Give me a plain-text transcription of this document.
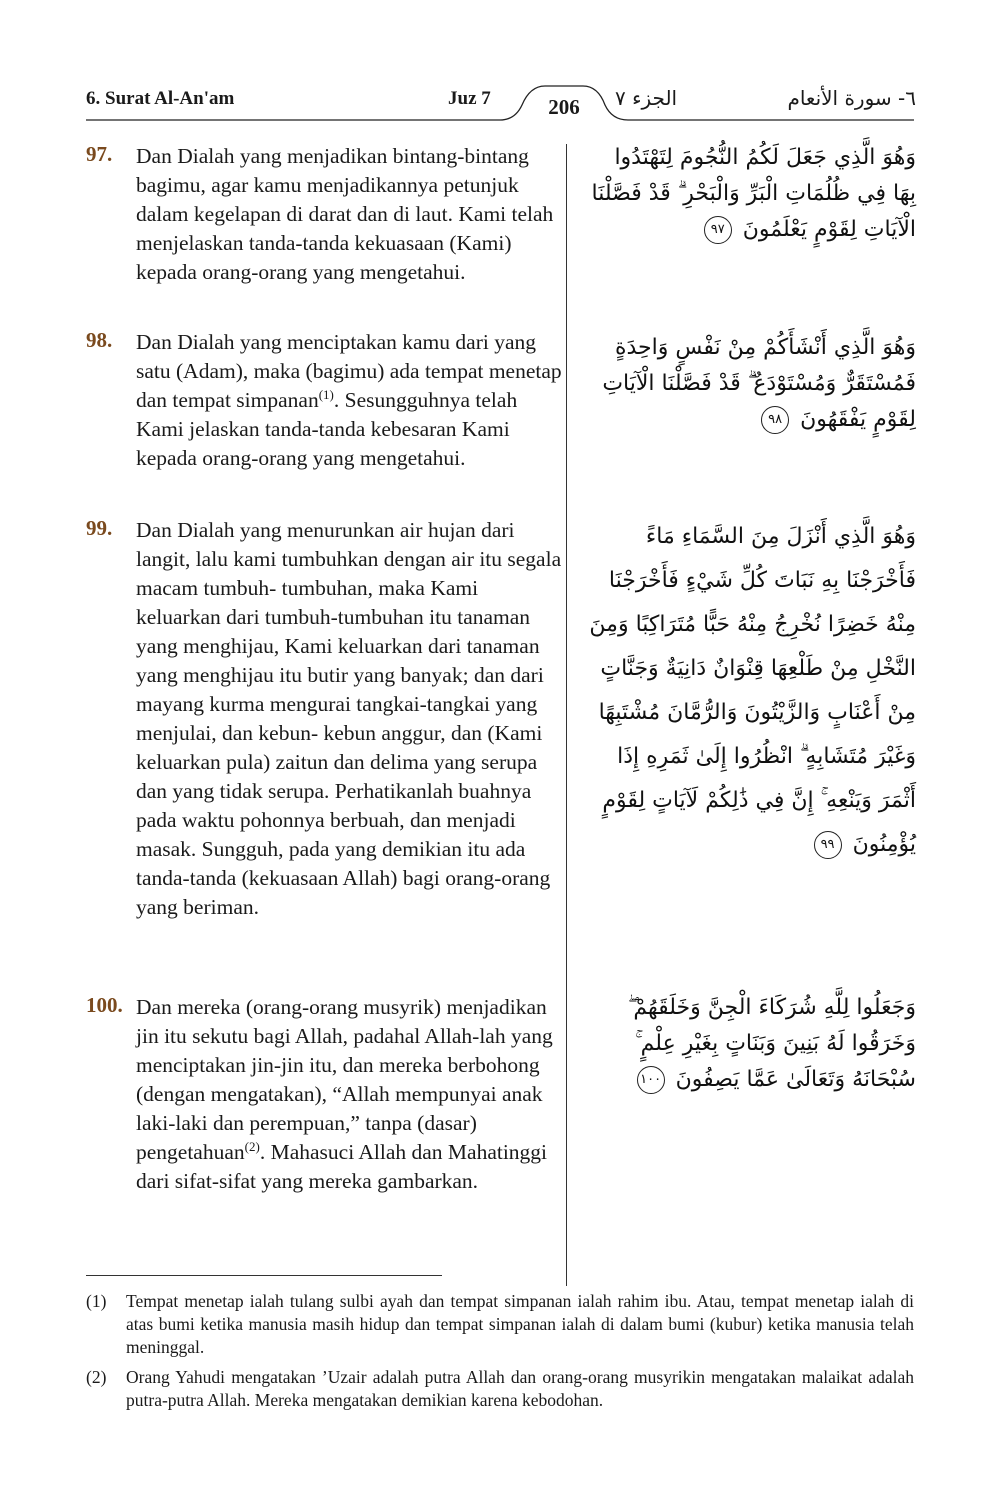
6. Surat Al-An'am	Juz 7	206 الجزء ٧	٦- سورة الأنعام
97. Dan Dialah yang menjadikan bintang-bintang bagimu, agar kamu menjadikannya petunjuk dalam kegelapan di darat dan di laut. Kami telah menjelaskan tanda-tanda kekuasaan (Kami) kepada orang-orang yang mengetahui.
وَهُوَ الَّذِي جَعَلَ لَكُمُ النُّجُومَ لِتَهْتَدُوا بِهَا فِي ظُلُمَاتِ الْبَرِّ وَالْبَحْرِ ۗ قَدْ فَصَّلْنَا الْآيَاتِ لِقَوْمٍ يَعْلَمُونَ ٩٧
98. Dan Dialah yang menciptakan kamu dari yang satu (Adam), maka (bagimu) ada tempat menetap dan tempat simpanan$^{(1)}$. Sesungguhnya telah Kami jelaskan tanda-tanda kebesaran Kami kepada orang-orang yang mengetahui.
وَهُوَ الَّذِي أَنْشَأَكُمْ مِنْ نَفْسٍ وَاحِدَةٍ فَمُسْتَقَرٌّ وَمُسْتَوْدَعٌ ۗ قَدْ فَصَّلْنَا الْآيَاتِ لِقَوْمٍ يَفْقَهُونَ ٩٨
99. Dan Dialah yang menurunkan air hujan dari langit, lalu kami tumbuhkan dengan air itu segala macam tumbuh- tumbuhan, maka Kami keluarkan dari tumbuh-tumbuhan itu tanaman yang menghijau, Kami keluarkan dari tanaman yang menghijau itu butir yang banyak; dan dari mayang kurma mengurai tangkai-tangkai yang menjulai, dan kebun- kebun anggur, dan (Kami keluarkan pula) zaitun dan delima yang serupa dan yang tidak serupa. Perhatikanlah buahnya pada waktu pohonnya berbuah, dan menjadi masak. Sungguh, pada yang demikian itu ada tanda-tanda (kekuasaan Allah) bagi orang-orang yang beriman.
وَهُوَ الَّذِي أَنْزَلَ مِنَ السَّمَاءِ مَاءً فَأَخْرَجْنَا بِهِ نَبَاتَ كُلِّ شَيْءٍ فَأَخْرَجْنَا مِنْهُ خَضِرًا نُخْرِجُ مِنْهُ حَبًّا مُتَرَاكِبًا وَمِنَ النَّخْلِ مِنْ طَلْعِهَا قِنْوَانٌ دَانِيَةٌ وَجَنَّاتٍ مِنْ أَعْنَابٍ وَالزَّيْتُونَ وَالرُّمَّانَ مُشْتَبِهًا وَغَيْرَ مُتَشَابِهٍ ۗ انْظُرُوا إِلَىٰ ثَمَرِهِ إِذَا أَثْمَرَ وَيَنْعِهِ ۚ إِنَّ فِي ذَٰلِكُمْ لَآيَاتٍ لِقَوْمٍ يُؤْمِنُونَ ٩٩
100. Dan mereka (orang-orang musyrik) menjadikan jin itu sekutu bagi Allah, padahal Allah-lah yang menciptakan jin-jin itu, dan mereka berbohong (dengan mengatakan), “Allah mempunyai anak laki-laki dan perempuan,” tanpa (dasar) pengetahuan$^{(2)}$. Mahasuci Allah dan Mahatinggi dari sifat-sifat yang mereka gambarkan.
وَجَعَلُوا لِلَّهِ شُرَكَاءَ الْجِنَّ وَخَلَقَهُمْ ۖ وَخَرَقُوا لَهُ بَنِينَ وَبَنَاتٍ بِغَيْرِ عِلْمٍ ۚ سُبْحَانَهُ وَتَعَالَىٰ عَمَّا يَصِفُونَ ١٠٠
(1) Tempat menetap ialah tulang sulbi ayah dan tempat simpanan ialah rahim ibu. Atau, tempat menetap ialah di atas bumi ketika manusia masih hidup dan tempat simpanan ialah di dalam bumi (kubur) ketika manusia telah meninggal.
(2) Orang Yahudi mengatakan ’Uzair adalah putra Allah dan orang-orang musyrikin mengatakan malaikat adalah putra-putra Allah. Mereka mengatakan demikian karena kebodohan.
